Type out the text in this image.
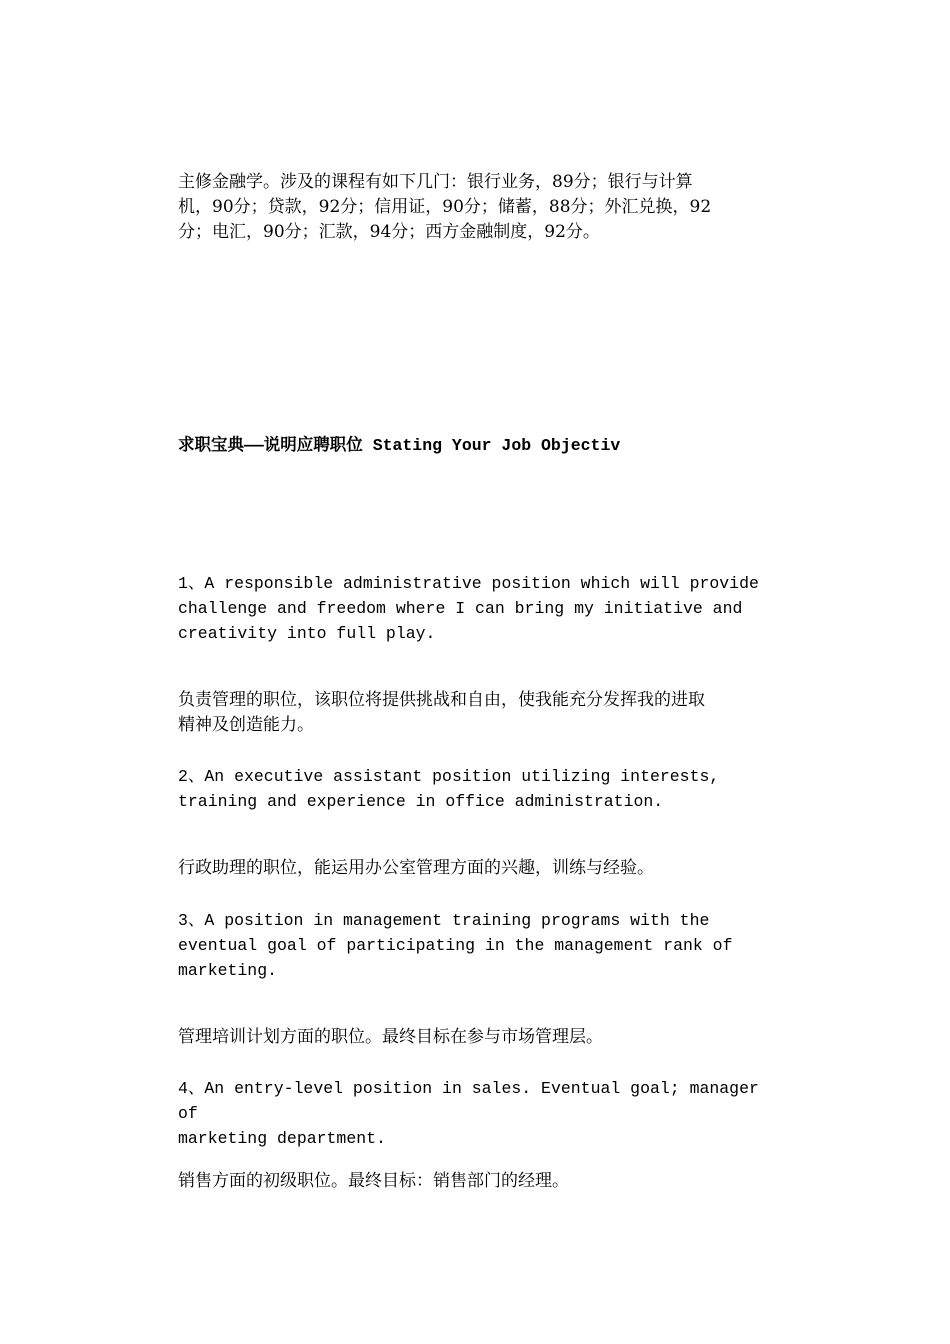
主修金融学。涉及的课程有如下几门：银行业务，89分；银行与计算
机，90分；贷款，92分；信用证，90分；储蓄，88分；外汇兑换，92
分；电汇，90分；汇款，94分；西方金融制度，92分。

求职宝典——说明应聘职位 Stating Your Job Objectiv

1、A responsible administrative position which will provide
challenge and freedom where I can bring my initiative and
creativity into full play.

负责管理的职位，该职位将提供挑战和自由，使我能充分发挥我的进取
精神及创造能力。

2、An executive assistant position utilizing interests,
training and experience in office administration.

行政助理的职位，能运用办公室管理方面的兴趣，训练与经验。

3、A position in management training programs with the
eventual goal of participating in the management rank of
marketing.

管理培训计划方面的职位。最终目标在参与市场管理层。

4、An entry-level position in sales. Eventual goal; manager of
marketing department.

销售方面的初级职位。最终目标：销售部门的经理。
